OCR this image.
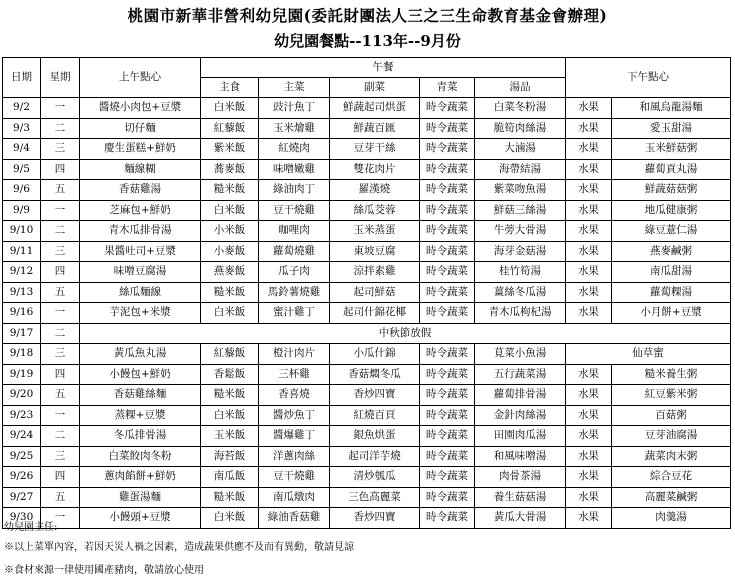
桃園市新華非營利幼兒園(委託財團法人三之三生命教育基金會辦理)
幼兒園餐點--113年--9月份
日期	星期	上午點心	午餐					下午點心	
			主食	主菜	副菜	青菜	湯品		
9/2	一	醬燒小肉包+豆漿	白米飯	豉汁魚丁	鮮蔬起司烘蛋	時令蔬菜	白菜冬粉湯	水果	和風烏龍湯麵
9/3	二	切仔麵	紅藜飯	玉米燴雞	鮮蔬百匯	時令蔬菜	脆筍肉絲湯	水果	愛玉甜湯
9/4	三	慶生蛋糕+鮮奶	紫米飯	紅燒肉	豆芽干絲	時令蔬菜	大滷湯	水果	玉米鮮菇粥
9/5	四	麵線糊	蕎麥飯	味噌嫩雞	雙花肉片	時令蔬菜	海帶結湯	水果	蘿蔔貢丸湯
9/6	五	香菇雞湯	糙米飯	綠油肉丁	羅漢燒	時令蔬菜	紫菜吻魚湯	水果	鮮蔬菇菇粥
9/9	一	芝麻包+鮮奶	白米飯	豆干燒雞	絲瓜茭蓉	時令蔬菜	鮮菇三絲湯	水果	地瓜健康粥
9/10	二	青木瓜排骨湯	小米飯	咖哩肉	玉米蒸蛋	時令蔬菜	牛蒡大骨湯	水果	綠豆薏仁湯
9/11	三	果醬吐司+豆漿	小麥飯	蘿蔔燒雞	東坡豆腐	時令蔬菜	海芽金菇湯	水果	燕麥鹹粥
9/12	四	味噌豆腐湯	燕麥飯	瓜子肉	涼拌素雞	時令蔬菜	桂竹筍湯	水果	南瓜甜湯
9/13	五	絲瓜麵線	糙米飯	馬鈴薯燒雞	起司鮮菇	時令蔬菜	薑絲冬瓜湯	水果	蘿蔔粿湯
9/16	一	芋泥包+米漿	白米飯	蜜汁雞丁	起司什錦花椰	時令蔬菜	青木瓜枸杞湯	水果	小月餅+豆漿
9/17	二	中秋節放假							
9/18	三	黃瓜魚丸湯	紅藜飯	橙汁肉片	小瓜什錦	時令蔬菜	莧菜小魚湯	仙草蜜	
9/19	四	小饅包+鮮奶	香鬆飯	三杯雞	香菇燜冬瓜	時令蔬菜	五行蔬菜湯	水果	糙米養生粥
9/20	五	香菇雞絲麵	糙米飯	香喜燒	香炒四寶	時令蔬菜	蘿蔔排骨湯	水果	紅豆紫米粥
9/23	一	蒸粿+豆漿	白米飯	醬炒魚丁	紅燒百頁	時令蔬菜	金針肉絲湯	水果	百菇粥
9/24	二	冬瓜排骨湯	玉米飯	醬爆雞丁	銀魚烘蛋	時令蔬菜	田園肉瓜湯	水果	豆芽油腐湯
9/25	三	白菜餃肉冬粉	海苔飯	洋蔥肉絲	起司洋芋燒	時令蔬菜	和風味噌湯	水果	蔬菜肉末粥
9/26	四	蔥肉餡餅+鮮奶	南瓜飯	豆干燒雞	清炒瓠瓜	時令蔬菜	肉骨茶湯	水果	綜合豆花
9/27	五	雞蛋湯麵	糙米飯	南瓜燉肉	三色高麗菜	時令蔬菜	養生菇菇湯	水果	高麗菜鹹粥
9/30	一	小饅頭+豆漿	白米飯	綠油香菇雞	香炒四寶	時令蔬菜	黃瓜大骨湯	水果	肉羹湯
幼兒園主任:
※以上菜單內容，若因天災人禍之因素，造成蔬果供應不及而有異動，敬請見諒
※食材來源一律使用國產豬肉，敬請放心使用
